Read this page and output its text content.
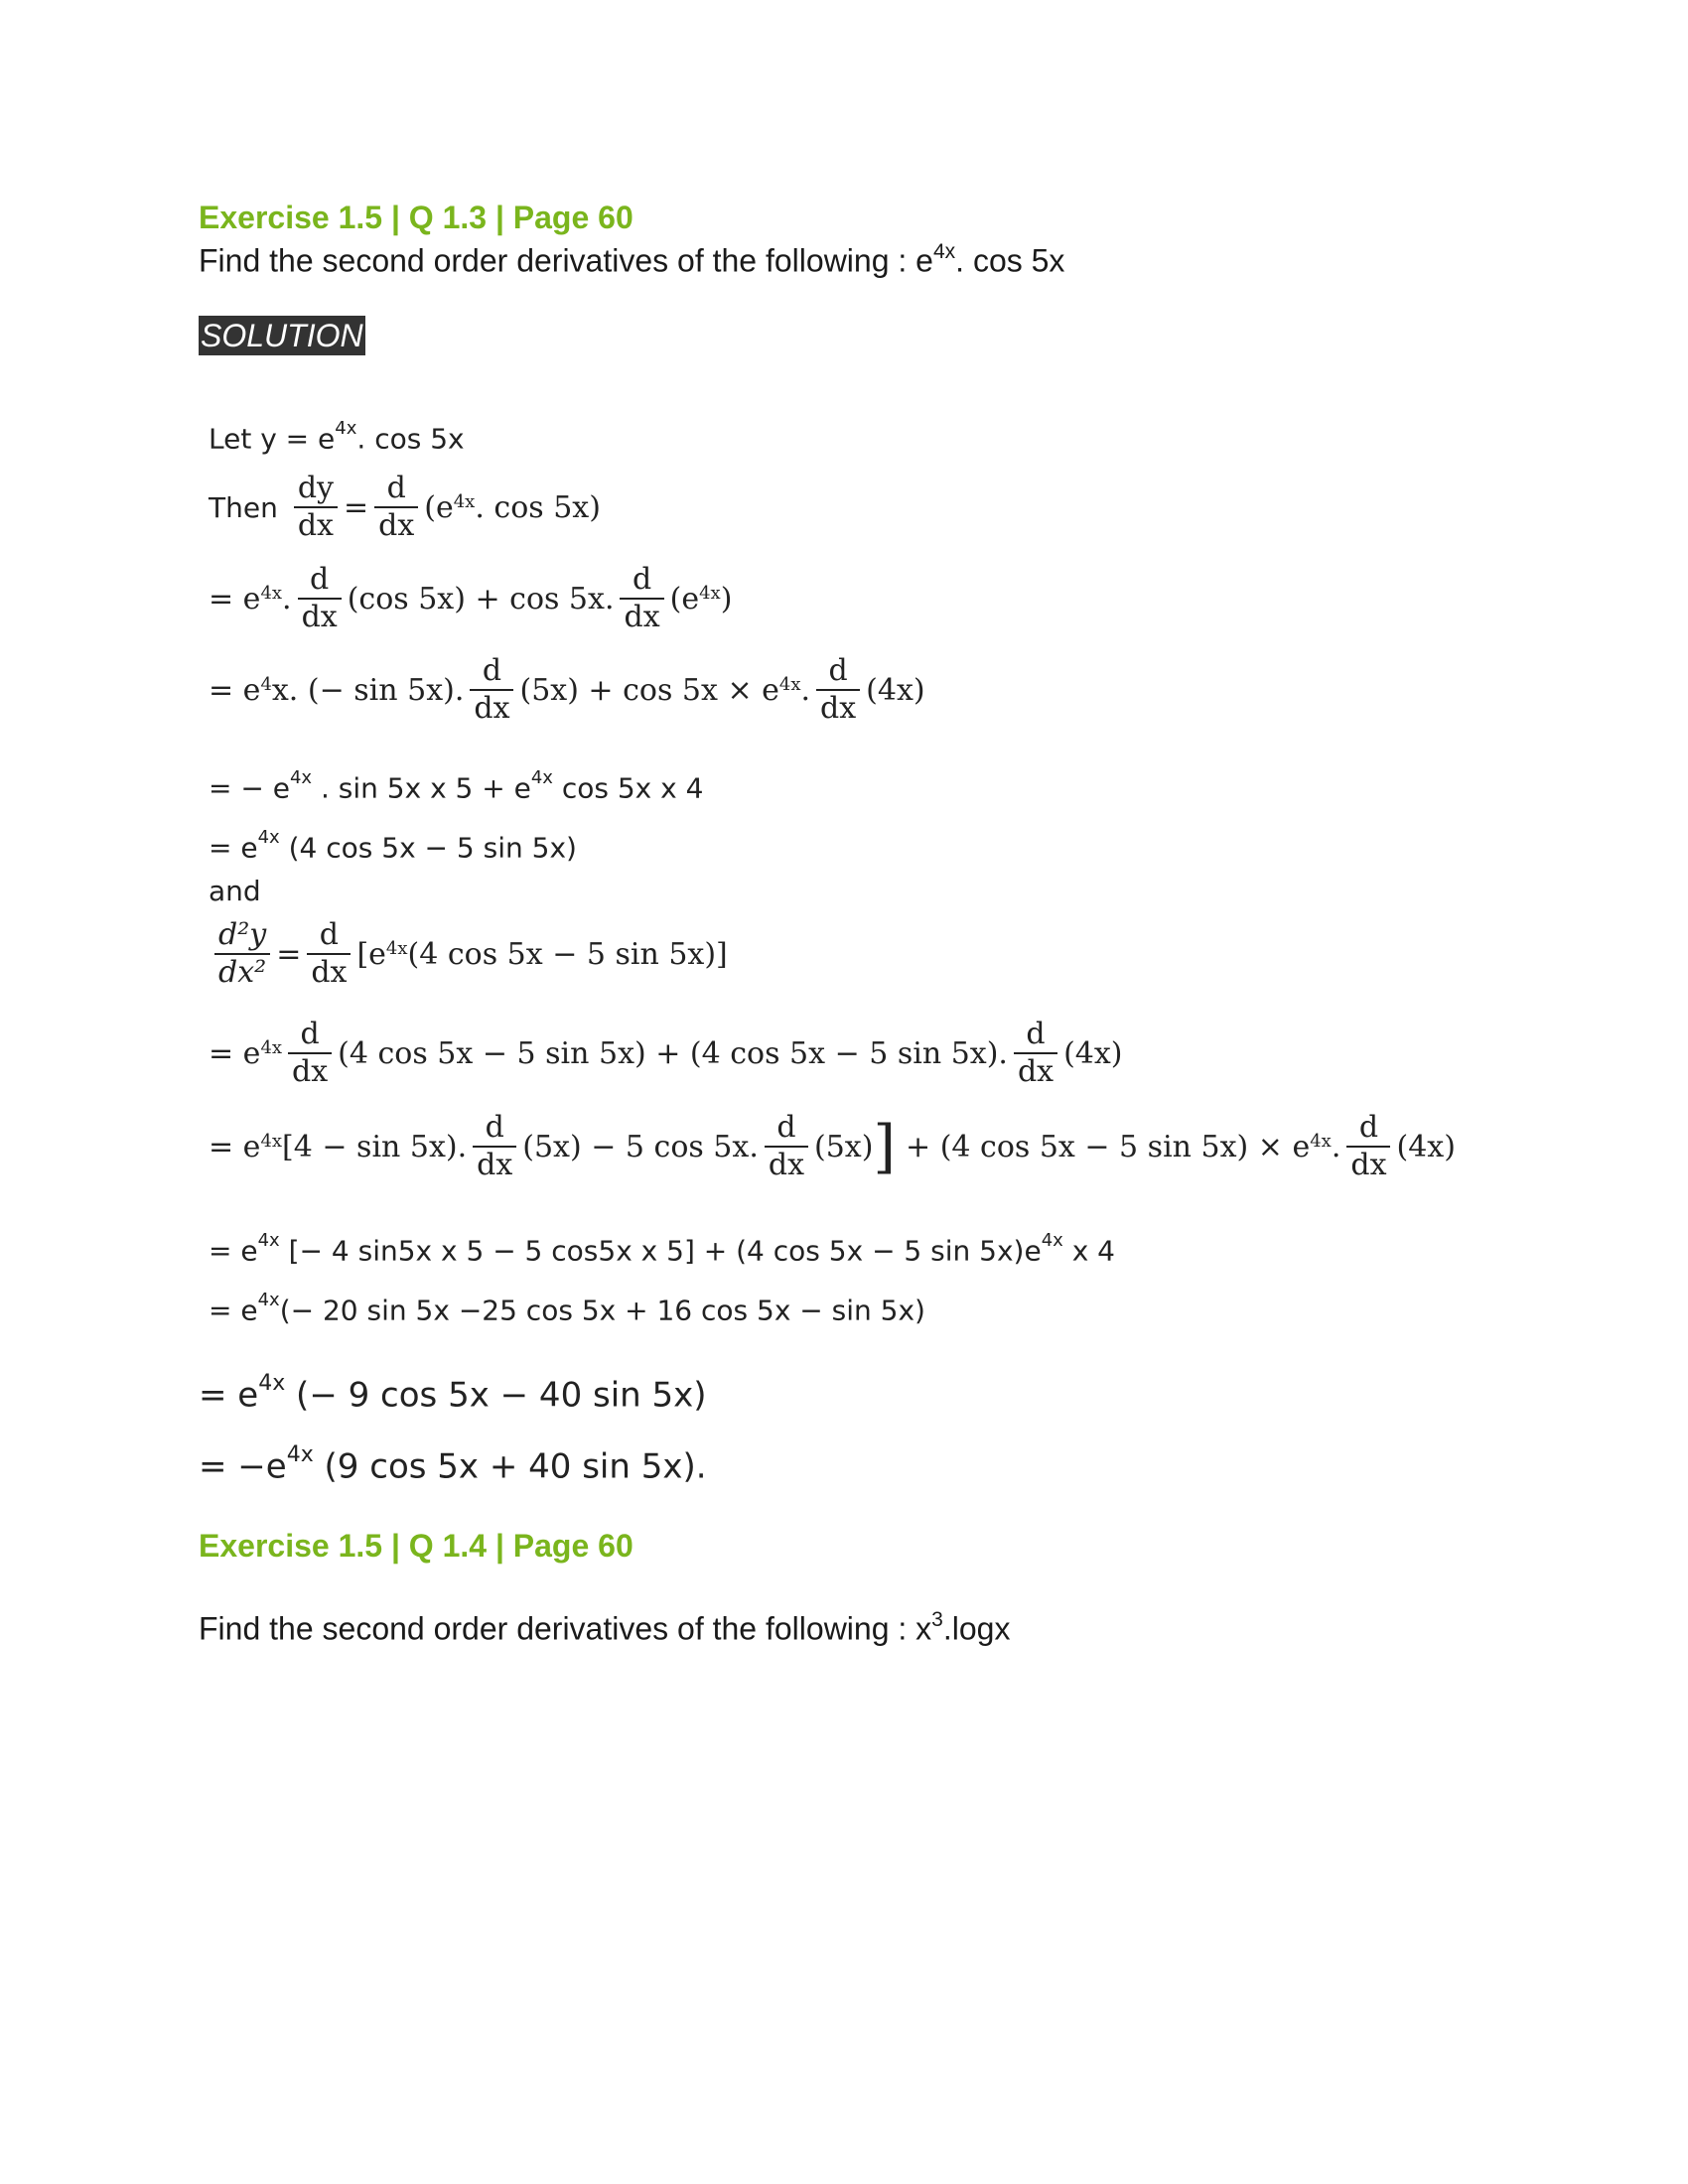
Exercise 1.5 | Q 1.3 | Page 60

Find the second order derivatives of the following : $e^{4x}$. cos 5x

SOLUTION
Let $y = e^{4x}$. cos 5x
Then $\frac{dy}{dx} = \frac{d}{dx} (e^{4x}$ . cos 5x)
= $e^{4x}$ . $\frac{d}{dx} (\cos$ 5x) + cos 5x. $\frac{d}{dx} (e^{4x}$ )
= $e^4$ x. (− sin 5x). $\frac{d}{dx} (5x) + \cos 5x \times e^{4x}$ . $\frac{d}{dx} (4x)$
= − $e^{4x}$ . sin 5x x $5 + e^{4x}$ cos 5x x 4
= $e^{4x}$ (4 cos 5x − 5 sin 5x)
and
$\frac{\text{d²y}}{\text{dx²}} = \frac{d}{dx} [e^{4x}$ (4 cos 5x − 5 sin 5x)]
= $e^{4x} \frac{d}{dx} (4$ cos 5x − 5 sin 5x) + (4 cos 5x − 5 sin 5x). $\frac{d}{dx} (4x)$
= $e^{4x}$ [4 − sin 5x). $\frac{d}{dx} (5x) - 5$ cos 5x. $\frac{d}{dx} (5x)$ ] + (4 cos 5x − 5 $\sin 5x) \times e^{4x}$ . $\frac{d}{dx} (4x)$
= $e^{4x}$ [− 4 sin5x x 5 − 5 cos5x x 5] + (4 cos 5x − 5 $\sin 5x)e^{4x}$ x 4
= $e^{4x}(- 20$ sin 5x −25 cos 5x + 16 cos 5x − sin 5x)
= $e^{4x}$ (− 9 cos 5x − 40 sin 5x)
= $-e^{4x}$ (9 cos 5x + 40 sin 5x).
Exercise 1.5 | Q 1.4 | Page 60

Find the second order derivatives of the following : $x^3.\log x$
